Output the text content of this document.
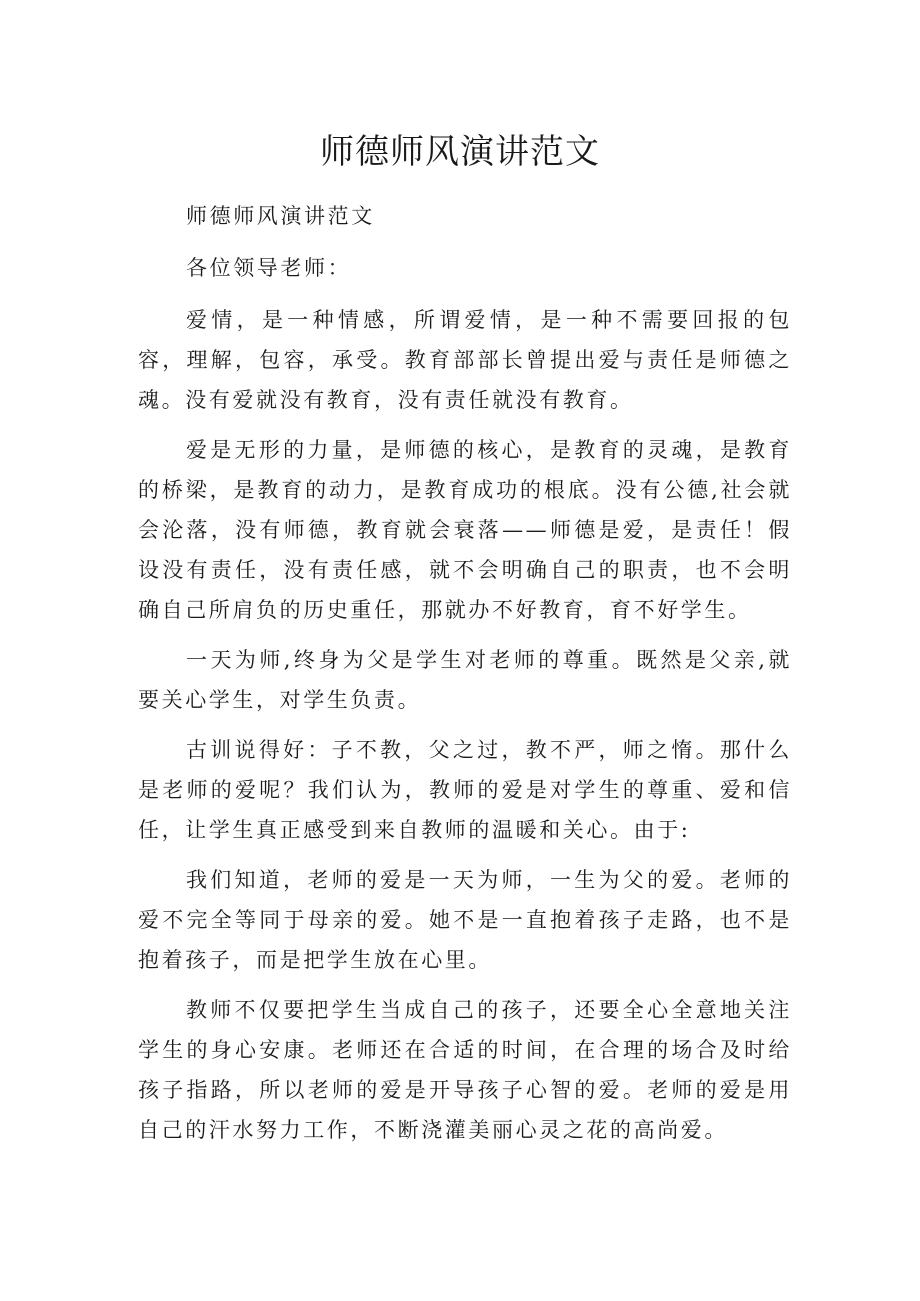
师德师风演讲范文

师德师风演讲范文

各位领导老师：

爱情，是一种情感，所谓爱情，是一种不需要回报的包容，理解，包容，承受。教育部部长曾提出爱与责任是师德之魂。没有爱就没有教育，没有责任就没有教育。

爱是无形的力量，是师德的核心，是教育的灵魂，是教育的桥梁，是教育的动力，是教育成功的根底。没有公德,社会就会沦落，没有师德，教育就会衰落——师德是爱，是责任！假设没有责任，没有责任感，就不会明确自己的职责，也不会明确自己所肩负的历史重任，那就办不好教育，育不好学生。

一天为师,终身为父是学生对老师的尊重。既然是父亲,就要关心学生，对学生负责。

古训说得好：子不教，父之过，教不严，师之惰。那什么是老师的爱呢？我们认为，教师的爱是对学生的尊重、爱和信任，让学生真正感受到来自教师的温暖和关心。由于:

我们知道，老师的爱是一天为师，一生为父的爱。老师的爱不完全等同于母亲的爱。她不是一直抱着孩子走路，也不是抱着孩子，而是把学生放在心里。

教师不仅要把学生当成自己的孩子，还要全心全意地关注学生的身心安康。老师还在合适的时间，在合理的场合及时给孩子指路，所以老师的爱是开导孩子心智的爱。老师的爱是用自己的汗水努力工作，不断浇灌美丽心灵之花的高尚爱。
